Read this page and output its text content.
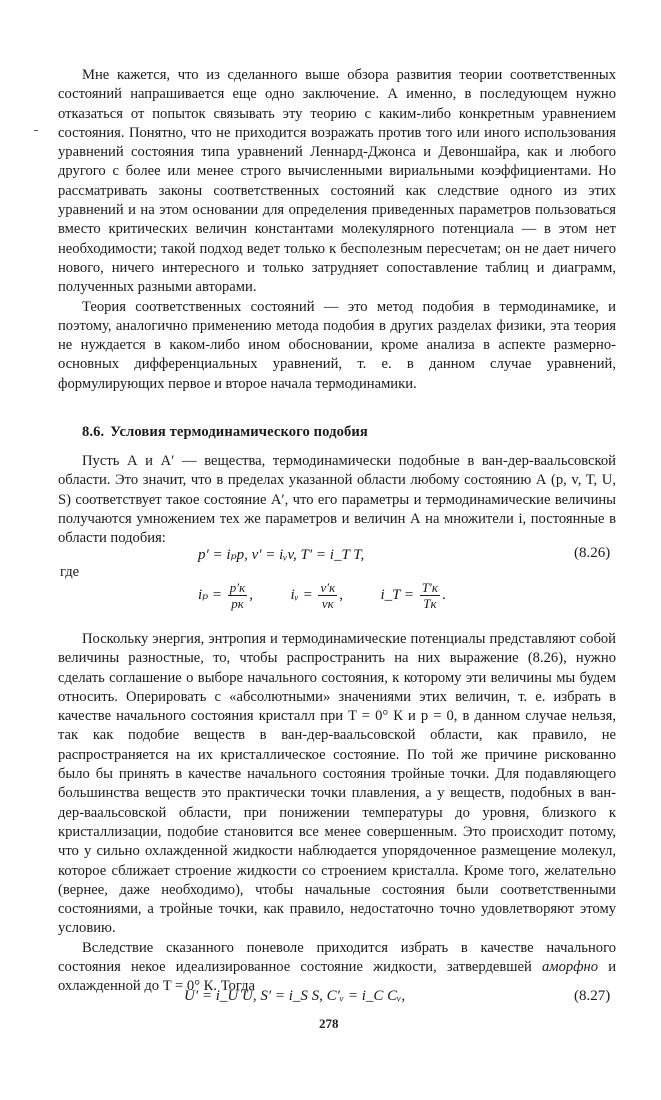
Мне кажется, что из сделанного выше обзора развития теории соответственных состояний напрашивается еще одно заключение. А именно, в последующем нужно отказаться от попыток связывать эту теорию с каким-либо конкретным уравнением состояния. Понятно, что не приходится возражать против того или иного использования уравнений состояния типа уравнений Леннард-Джонса и Девоншайра, как и любого другого с более или менее строго вычисленными вириальными коэффициентами. Но рассматривать законы соответственных состояний как следствие одного из этих уравнений и на этом основании для определения приведенных параметров пользоваться вместо критических величин константами молекулярного потенциала — в этом нет необходимости; такой подход ведет только к бесполезным пересчетам; он не дает ничего нового, ничего интересного и только затрудняет сопоставление таблиц и диаграмм, полученных разными авторами.

Теория соответственных состояний — это метод подобия в термодинамике, и поэтому, аналогично применению метода подобия в других разделах физики, эта теория не нуждается в каком-либо ином обосновании, кроме анализа в аспекте размерно-основных дифференциальных уравнений, т. е. в данном случае уравнений, формулирующих первое и второе начала термодинамики.

8.6. Условия термодинамического подобия

Пусть А и А′ — вещества, термодинамически подобные в ван-дер-ваальсовской области. Это значит, что в пределах указанной области любому состоянию А (p, v, T, U, S) соответствует такое состояние А′, что его параметры и термодинамические величины получаются умножением тех же параметров и величин А на множители i, постоянные в области подобия:

p′ = iₚp, v′ = iᵥv, T′ = i_T T,	(8.26)
где
$i_p = \frac{p'к}{pк}$ ,	iᵥ = $\frac{v'к}{vк}$ ,	i_T = $\frac{T'к}{Tк}$ .

Поскольку энергия, энтропия и термодинамические потенциалы представляют собой величины разностные, то, чтобы распространить на них выражение (8.26), нужно сделать соглашение о выборе начального состояния, к которому эти величины мы будем относить. Оперировать с «абсолютными» значениями этих величин, т. е. избрать в качестве начального состояния кристалл при T = 0° К и p = 0, в данном случае нельзя, так как подобие веществ в ван-дер-ваальсовской области, как правило, не распространяется на их кристаллическое состояние. По той же причине рискованно было бы принять в качестве начального состояния тройные точки. Для подавляющего большинства веществ это практически точки плавления, а у веществ, подобных в ван-дер-ваальсовской области, при понижении температуры до уровня, близкого к кристаллизации, подобие становится все менее совершенным. Это происходит потому, что у сильно охлажденной жидкости наблюдается упорядоченное размещение молекул, которое сближает строение жидкости со строением кристалла. Кроме того, желательно (вернее, даже необходимо), чтобы начальные состояния были соответственными состояниями, а тройные точки, как правило, недостаточно точно удовлетворяют этому условию.

Вследствие сказанного поневоле приходится избрать в качестве начального состояния некое идеализированное состояние жидкости, затвердевшей аморфно и охлажденной до T = 0° К. Тогда

U′ = i_U U, S′ = i_S S, C′ᵥ = i_C Cᵥ,	(8.27)
278
